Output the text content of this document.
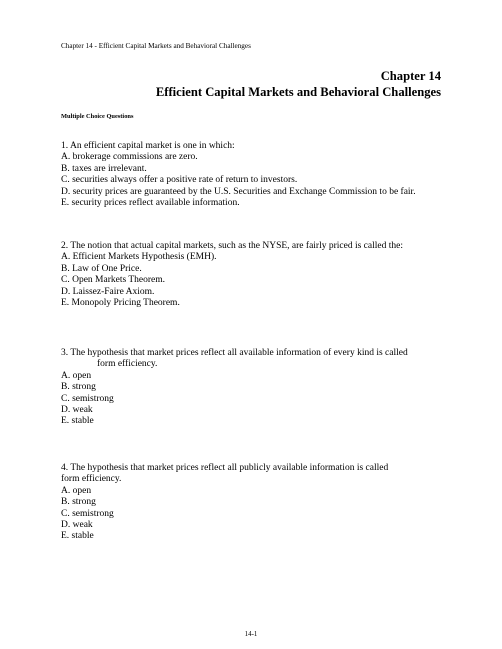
Chapter 14 - Efficient Capital Markets and Behavioral Challenges
Chapter 14
Efficient Capital Markets and Behavioral Challenges
Multiple Choice Questions
1. An efficient capital market is one in which:
A. brokerage commissions are zero.
B. taxes are irrelevant.
C. securities always offer a positive rate of return to investors.
D. security prices are guaranteed by the U.S. Securities and Exchange Commission to be fair.
E. security prices reflect available information.
2. The notion that actual capital markets, such as the NYSE, are fairly priced is called the:
A. Efficient Markets Hypothesis (EMH).
B. Law of One Price.
C. Open Markets Theorem.
D. Laissez-Faire Axiom.
E. Monopoly Pricing Theorem.
3. The hypothesis that market prices reflect all available information of every kind is called
form efficiency.
A. open
B. strong
C. semistrong
D. weak
E. stable
4. The hypothesis that market prices reflect all publicly available information is called
form efficiency.
A. open
B. strong
C. semistrong
D. weak
E. stable
14-1
